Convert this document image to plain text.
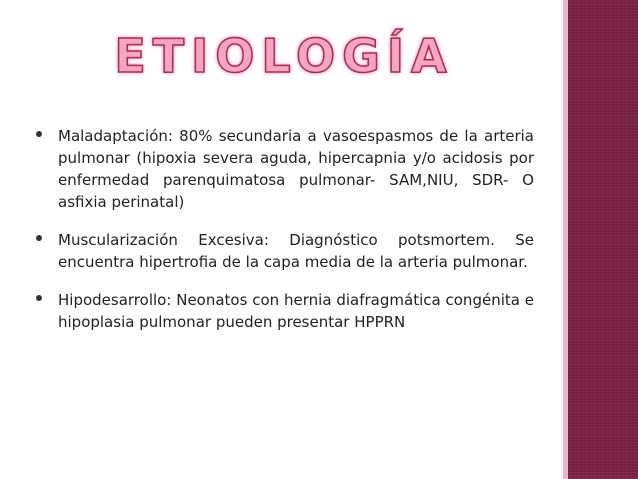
ETIOLOGÍA
Maladaptación: 80% secundaria a vasoespasmos de la arteria pulmonar (hipoxia severa aguda, hipercapnia y/o acidosis por enfermedad parenquimatosa pulmonar- SAM,NIU, SDR- O asfixia perinatal)
Muscularización Excesiva: Diagnóstico potsmortem. Se encuentra hipertrofia de la capa media de la arteria pulmonar.
Hipodesarrollo: Neonatos con hernia diafragmática congénita e hipoplasia pulmonar pueden presentar HPPRN
